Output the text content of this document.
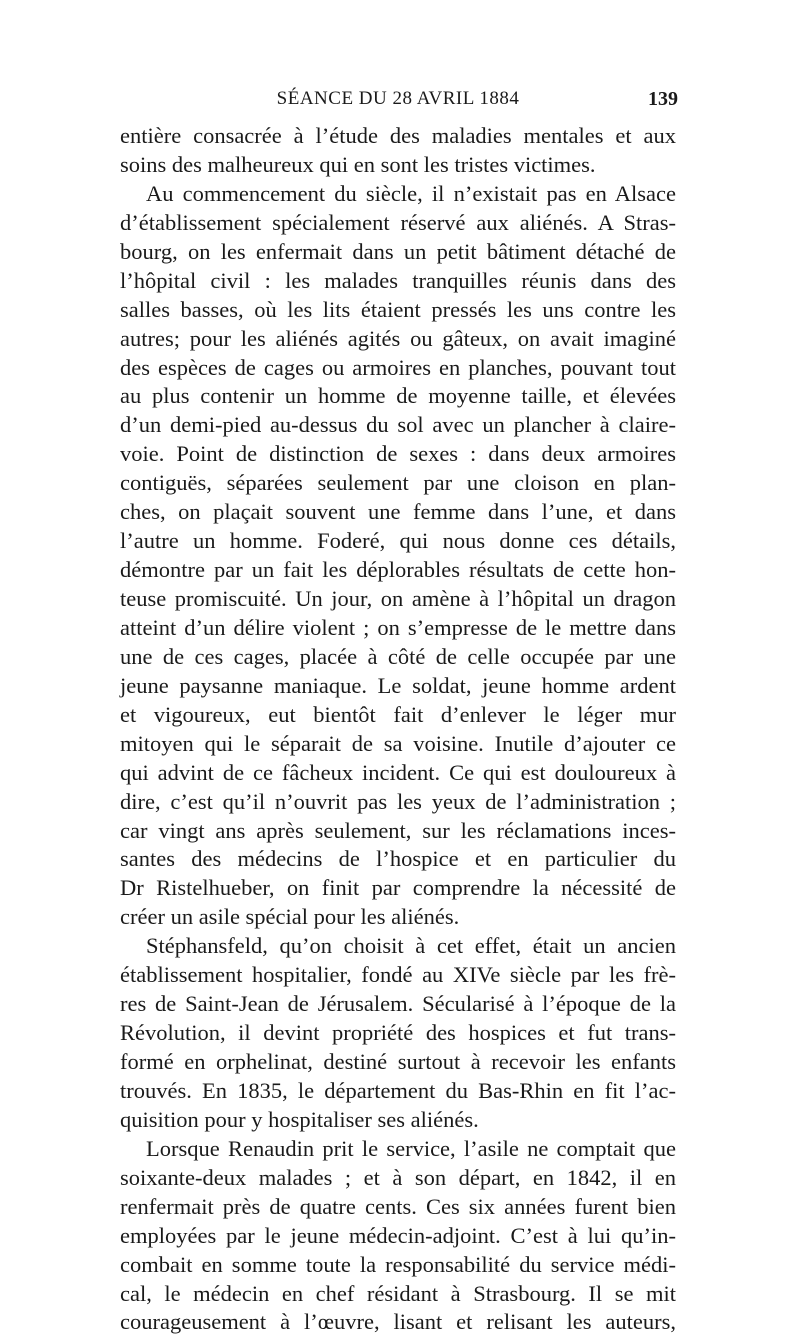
SÉANCE DU 28 AVRIL 1884	139
entière consacrée à l’étude des maladies mentales et aux
soins des malheureux qui en sont les tristes victimes.
Au commencement du siècle, il n’existait pas en Alsace
d’établissement spécialement réservé aux aliénés. A Stras-
bourg, on les enfermait dans un petit bâtiment détaché de
l’hôpital civil : les malades tranquilles réunis dans des
salles basses, où les lits étaient pressés les uns contre les
autres; pour les aliénés agités ou gâteux, on avait imaginé
des espèces de cages ou armoires en planches, pouvant tout
au plus contenir un homme de moyenne taille, et élevées
d’un demi-pied au-dessus du sol avec un plancher à claire-
voie. Point de distinction de sexes : dans deux armoires
contiguës, séparées seulement par une cloison en plan-
ches, on plaçait souvent une femme dans l’une, et dans
l’autre un homme. Foderé, qui nous donne ces détails,
démontre par un fait les déplorables résultats de cette hon-
teuse promiscuité. Un jour, on amène à l’hôpital un dragon
atteint d’un délire violent ; on s’empresse de le mettre dans
une de ces cages, placée à côté de celle occupée par une
jeune paysanne maniaque. Le soldat, jeune homme ardent
et vigoureux, eut bientôt fait d’enlever le léger mur
mitoyen qui le séparait de sa voisine. Inutile d’ajouter ce
qui advint de ce fâcheux incident. Ce qui est douloureux à
dire, c’est qu’il n’ouvrit pas les yeux de l’administration ;
car vingt ans après seulement, sur les réclamations inces-
santes des médecins de l’hospice et en particulier du
Dr Ristelhueber, on finit par comprendre la nécessité de
créer un asile spécial pour les aliénés.
Stéphansfeld, qu’on choisit à cet effet, était un ancien
établissement hospitalier, fondé au XIVe siècle par les frè-
res de Saint-Jean de Jérusalem. Sécularisé à l’époque de la
Révolution, il devint propriété des hospices et fut trans-
formé en orphelinat, destiné surtout à recevoir les enfants
trouvés. En 1835, le département du Bas-Rhin en fit l’ac-
quisition pour y hospitaliser ses aliénés.
Lorsque Renaudin prit le service, l’asile ne comptait que
soixante-deux malades ; et à son départ, en 1842, il en
renfermait près de quatre cents. Ces six années furent bien
employées par le jeune médecin-adjoint. C’est à lui qu’in-
combait en somme toute la responsabilité du service médi-
cal, le médecin en chef résidant à Strasbourg. Il se mit
courageusement à l’œuvre, lisant et relisant les auteurs,
